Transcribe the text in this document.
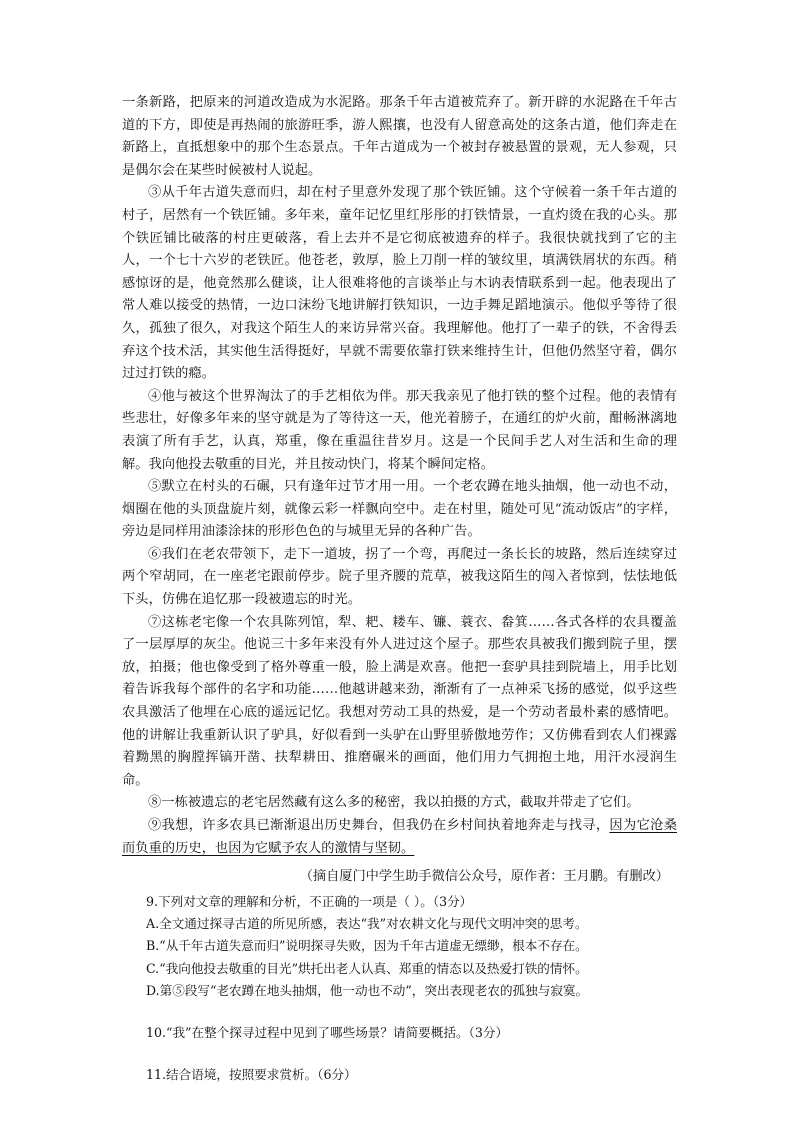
一条新路，把原来的河道改造成为水泥路。那条千年古道被荒弃了。新开辟的水泥路在千年古道的下方，即使是再热闹的旅游旺季，游人熙攘，也没有人留意高处的这条古道，他们奔走在新路上，直抵想象中的那个生态景点。千年古道成为一个被封存被悬置的景观，无人参观，只是偶尔会在某些时候被村人说起。

③从千年古道失意而归，却在村子里意外发现了那个铁匠铺。这个守候着一条千年古道的村子，居然有一个铁匠铺。多年来，童年记忆里红彤彤的打铁情景，一直灼烫在我的心头。那个铁匠铺比破落的村庄更破落，看上去并不是它彻底被遗弃的样子。我很快就找到了它的主人，一个七十六岁的老铁匠。他苍老，敦厚，脸上刀削一样的皱纹里，填满铁屑状的东西。稍感惊讶的是，他竟然那么健谈，让人很难将他的言谈举止与木讷表情联系到一起。他表现出了常人难以接受的热情，一边口沫纷飞地讲解打铁知识，一边手舞足蹈地演示。他似乎等待了很久，孤独了很久，对我这个陌生人的来访异常兴奋。我理解他。他打了一辈子的铁，不舍得丢弃这个技术活，其实他生活得挺好，早就不需要依靠打铁来维持生计，但他仍然坚守着，偶尔过过打铁的瘾。

④他与被这个世界淘汰了的手艺相依为伴。那天我亲见了他打铁的整个过程。他的表情有些悲壮，好像多年来的坚守就是为了等待这一天，他光着膀子，在通红的炉火前，酣畅淋漓地表演了所有手艺，认真，郑重，像在重温往昔岁月。这是一个民间手艺人对生活和生命的理解。我向他投去敬重的目光，并且按动快门，将某个瞬间定格。

⑤默立在村头的石碾，只有逢年过节才用一用。一个老农蹲在地头抽烟，他一动也不动，烟圈在他的头顶盘旋片刻，就像云彩一样飘向空中。走在村里，随处可见“流动饭店”的字样，旁边是同样用油漆涂抹的形形色色的与城里无异的各种广告。

⑥我们在老农带领下，走下一道坡，拐了一个弯，再爬过一条长长的坡路，然后连续穿过两个窄胡同，在一座老宅跟前停步。院子里齐腰的荒草，被我这陌生的闯入者惊到，怯怯地低下头，仿佛在追忆那一段被遗忘的时光。

⑦这栋老宅像一个农具陈列馆，犁、耙、耧车、镰、蓑衣、畚箕……各式各样的农具覆盖了一层厚厚的灰尘。他说三十多年来没有外人进过这个屋子。那些农具被我们搬到院子里，摆放，拍摄；他也像受到了格外尊重一般，脸上满是欢喜。他把一套驴具挂到院墙上，用手比划着告诉我每个部件的名字和功能……他越讲越来劲，渐渐有了一点神采飞扬的感觉，似乎这些农具激活了他埋在心底的遥远记忆。我想对劳动工具的热爱，是一个劳动者最朴素的感情吧。他的讲解让我重新认识了驴具，好似看到一头驴在山野里骄傲地劳作；又仿佛看到农人们裸露着黝黑的胸膛挥镐开凿、扶犁耕田、推磨碾米的画面，他们用力气拥抱土地，用汗水浸润生命。

⑧一栋被遗忘的老宅居然藏有这么多的秘密，我以拍摄的方式，截取并带走了它们。

⑨我想，许多农具已渐渐退出历史舞台，但我仍在乡村间执着地奔走与找寻，因为它沧桑而负重的历史，也因为它赋予农人的激情与坚韧。

（摘自厦门中学生助手微信公众号，原作者：王月鹏。有删改）

9.下列对文章的理解和分析，不正确的一项是（ ）。（3分）

A.全文通过探寻古道的所见所感，表达“我”对农耕文化与现代文明冲突的思考。

B.“从千年古道失意而归”说明探寻失败，因为千年古道虚无缥缈，根本不存在。

C.“我向他投去敬重的目光”烘托出老人认真、郑重的情态以及热爱打铁的情怀。

D.第⑤段写“老农蹲在地头抽烟，他一动也不动”，突出表现老农的孤独与寂寞。

10.“我”在整个探寻过程中见到了哪些场景？请简要概括。（3分）

11.结合语境，按照要求赏析。（6分）
